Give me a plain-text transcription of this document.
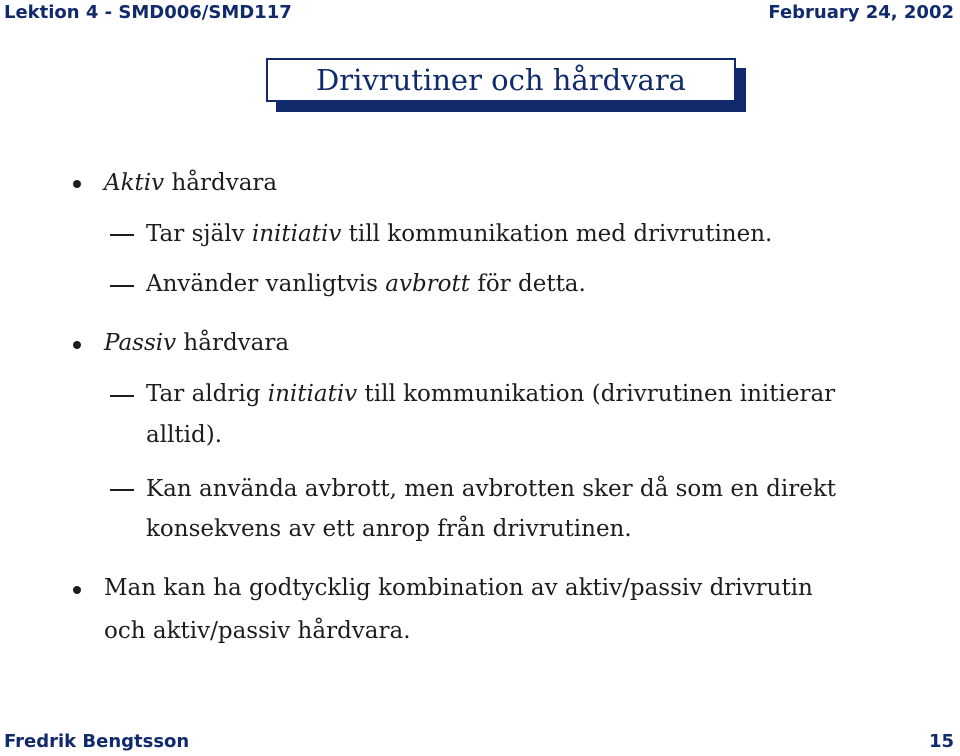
Lektion 4 - SMD006/SMD117	February 24, 2002
Drivrutiner och hårdvara
Aktiv hårdvara
Tar själv initiativ till kommunikation med drivrutinen.
Använder vanligtvis avbrott för detta.
Passiv hårdvara
Tar aldrig initiativ till kommunikation (drivrutinen initierar
alltid).
Kan använda avbrott, men avbrotten sker då som en direkt
konsekvens av ett anrop från drivrutinen.
Man kan ha godtycklig kombination av aktiv/passiv drivrutin
och aktiv/passiv hårdvara.
Fredrik Bengtsson	15
